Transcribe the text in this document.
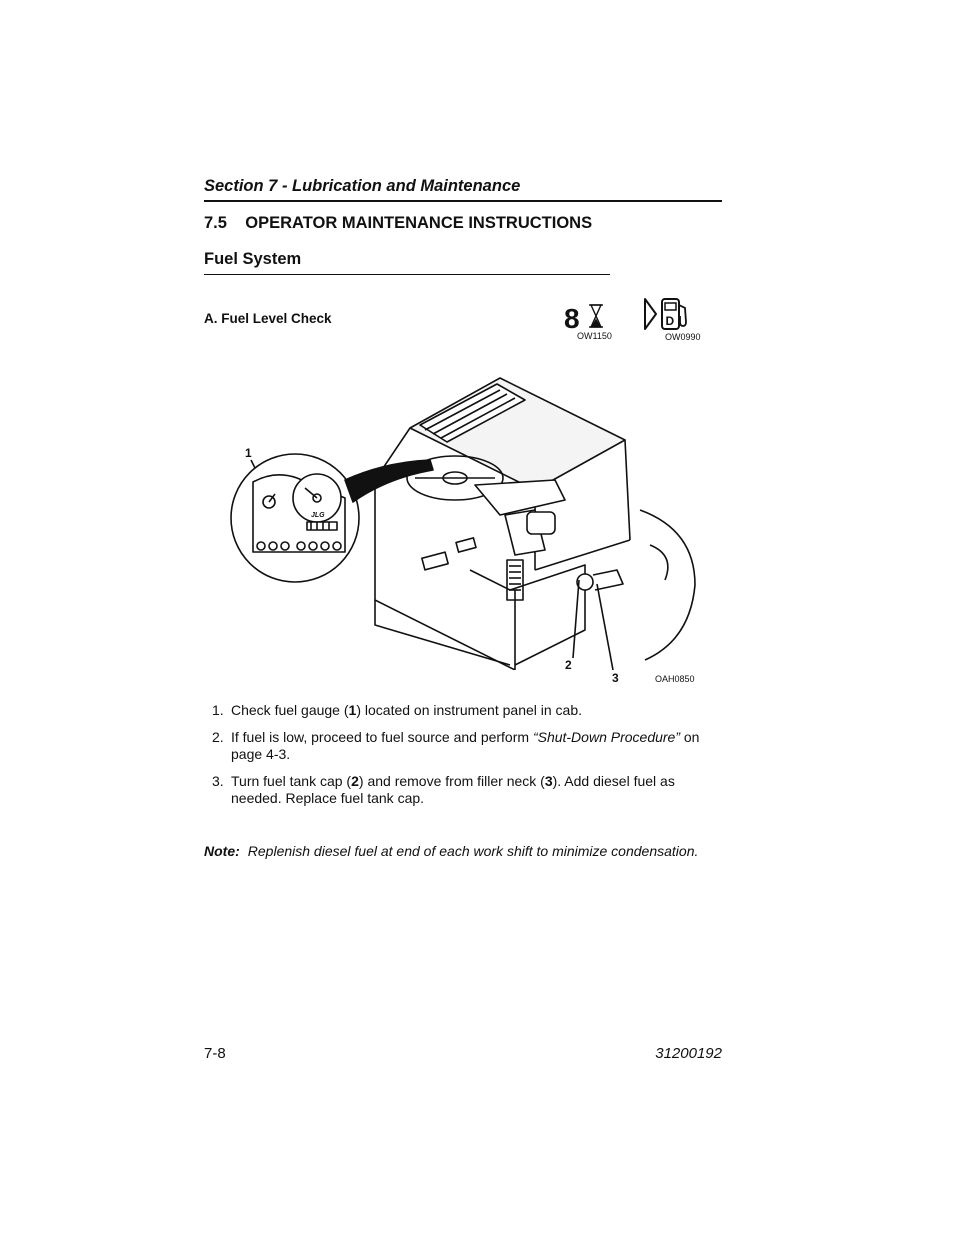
Section 7 - Lubrication and Maintenance
7.5 OPERATOR MAINTENANCE INSTRUCTIONS
Fuel System
A. Fuel Level Check	8
OW1150
D
OW0990
JLG
1
2
3	OAH0850
1. Check fuel gauge (1) located on instrument panel in cab.
2. If fuel is low, proceed to fuel source and perform “Shut-Down Procedure” on page 4-3.
3. Turn fuel tank cap (2) and remove from filler neck (3). Add diesel fuel as needed. Replace fuel tank cap.
Note: Replenish diesel fuel at end of each work shift to minimize condensation.
7-8	31200192
